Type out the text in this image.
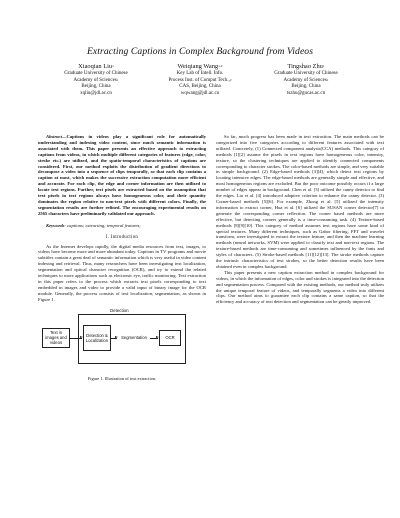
Extracting Captions in Complex Background from Videos
Xiaoqian Liu$^1$
Graduate University of Chinese
Academy of Sciences$^1$
Beijing, China
xqliu@jdl.ac.cn
Weiqiang Wang$^{1,2}$
Key Lab of Intell. Info.
Process Inst. of Comput Tech.,$^2$
CAS, Beijing, China
wqwang@jdl.ac.cn
Tingshao Zhu$^1$
Graduate University of Chinese
Academy of Sciences$^1$
Beijing, China
tszhu@gucas.ac.cn

Abstract—Captions in videos play a significant role for automatically understanding and indexing video content, since much semantic information is associated with them. This paper presents an effective approach to extracting captions from videos, in which multiple different categories of features (edge, color, stroke etc.) are utilized, and the spatio-temporal characteristics of captions are considered. First, our method exploits the distribution of gradient directions to decompose a video into a sequence of clips temporally, so that each clip contains a caption at most, which makes the successive extraction computation more efficient and accurate. For each clip, the edge and corner information are then utilized to locate text regions. Further, text pixels are extracted based on the assumption that text pixels in text regions always have homogeneous color, and their quantity dominates the region relative to non-text pixels with different colors. Finally, the segmentation results are further refined. The encouraging experimental results on 2565 characters have preliminarily validated our approach.

Keywords- captions; extracting; temporal features;

I. Introduction

As the Internet develops rapidly, the digital media resources from text, images, to videos have become more and more abundant today. Captions in TV programs and movie subtitles contain a great deal of semantic information which is very useful in video content indexing and retrieval. Thus, many researchers have been investigating text localization, segmentation and optical character recognition (OCR), and try to extend the related techniques to more applications such as electronic eye, traffic monitoring. Text extraction in this paper refers to the process which extracts text pixels corresponding to text embedded in images and video to provide a valid input of binary image for the OCR module. Generally, the process consists of text localization, segmentation, as shown in Figure 1.

Detection
Text in images and videos
Detection & Localization	Segmentation	OCR
Figure 1. Illustration of text extraction.

So far, much progress has been made in text extraction. The main methods can be categorized into five categories according to different features associated with text utilized. Concretely, (1) Connected component analysis(CCA) methods. This category of methods [1][2] assume the pixels in text regions have homogeneous color, intensity, texture, so the clustering techniques are applied to identify connected components corresponding to character strokes. The color-based methods are simple, and very suitable in simple background. (2) Edge-based methods [3][4], which detect text regions by locating intensive edges. The edge-based methods are generally simple and effective, and most homogeneous regions are excluded. But the poor outcome possibly occurs if a large number of edges appear in background. Chen et al. [3] utilized the canny detector to find the edges. Liu et al. [4] introduced adaptive criterion to enhance the canny detector. (3) Corner-based methods [5][6]. For example, Zhong et al. [5] utilized the intensity information to extract corner, Hua et al. [6] utilized the SUSAN corner detector[7] to generate the corresponding corner reflection. The corner based methods are more effective, but detecting corners generally is a time-consuming task. (4) Texture-based methods [8][9][10]. This category of method assumes text regions have some kind of special textures. Many different techniques, such as Gabor filtering, FFT and wavelet transform, were investigated to extract the texture feature, and then the machine learning methods (neural networks, SVM) were applied to classify text and non-text regions. The texture-based methods are time-consuming and sometimes influenced by the fonts and styles of characters. (5) Stroke-based methods [11][12][13]. The stroke methods capture the intrinsic characteristics of text strokes, so the better detection results have been obtained even in complex background.

This paper presents a new caption extraction method in complex background for videos, in which the information of edges, color and strokes is integrated into the detection and segmentation process. Compared with the existing methods, our method truly utilizes the unique temporal feature of videos, and temporally segments a video into different clips. Our method aims to guarantee each clip contains a same caption, so that the efficiency and accuracy of text detection and segmentation can be greatly improved.
